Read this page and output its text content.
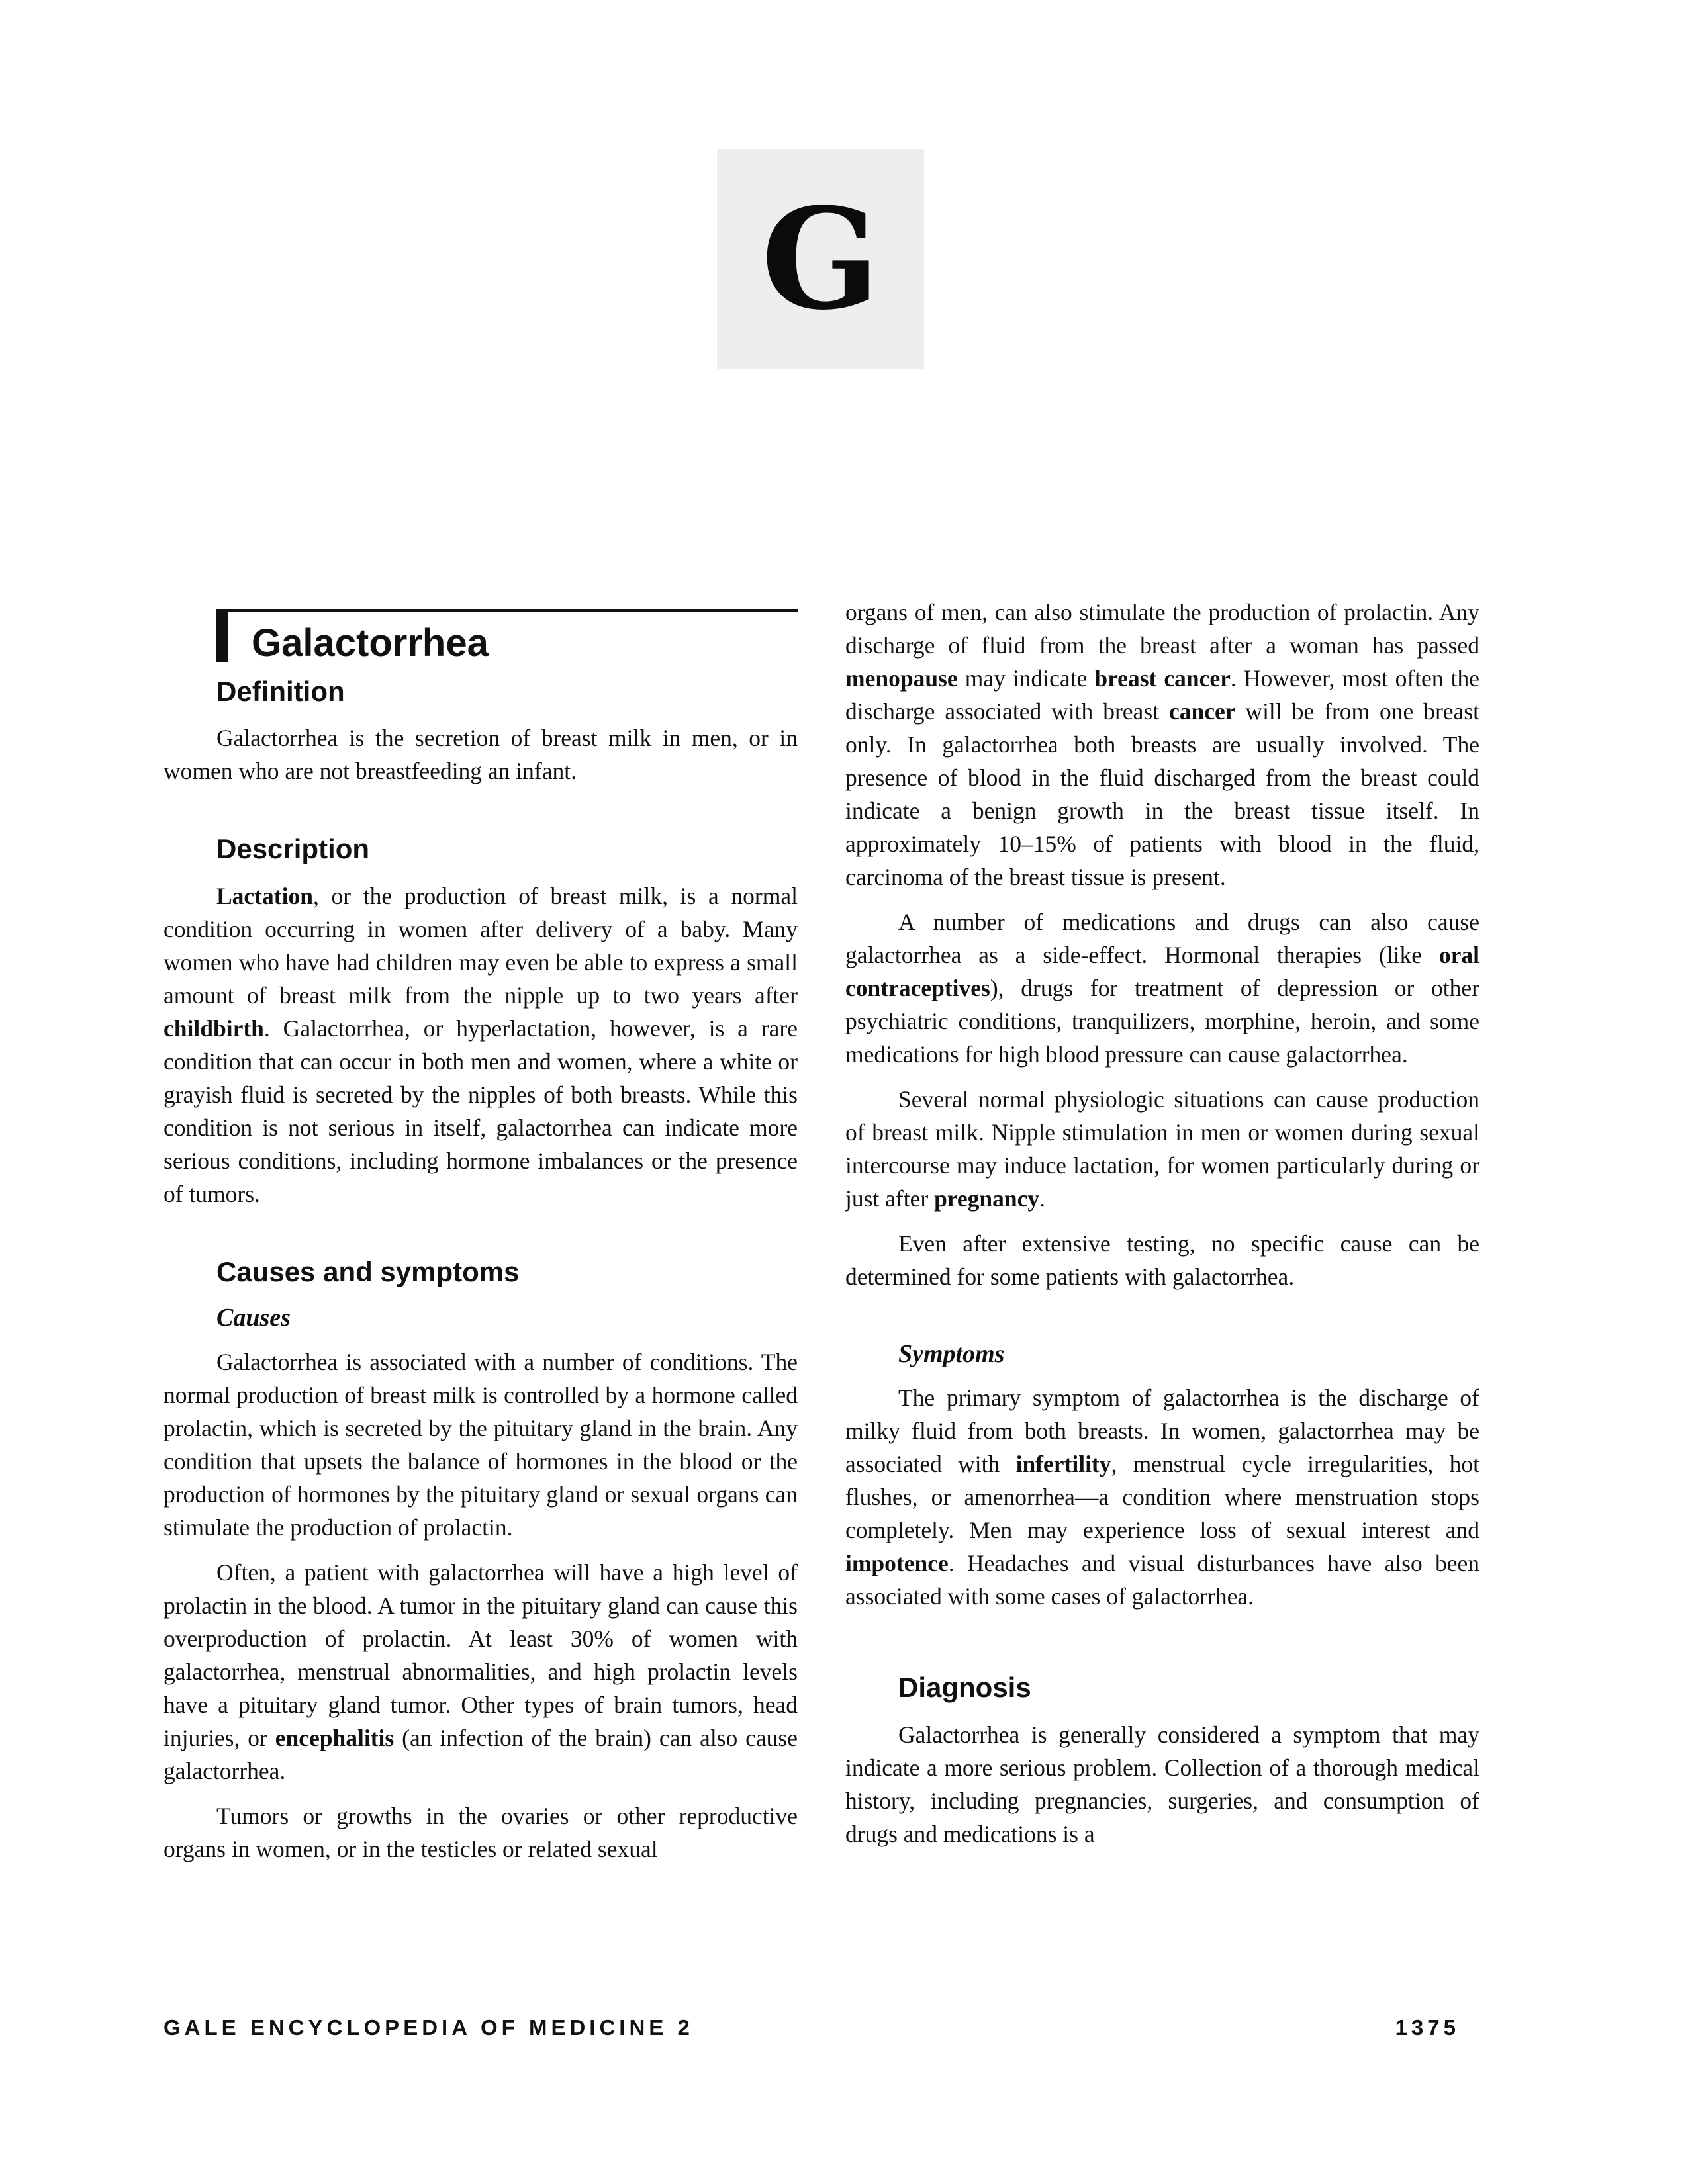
G
Galactorrhea
Definition

Galactorrhea is the secretion of breast milk in men, or in women who are not breastfeeding an infant.

Description

Lactation, or the production of breast milk, is a normal condition occurring in women after delivery of a baby. Many women who have had children may even be able to express a small amount of breast milk from the nipple up to two years after childbirth. Galactorrhea, or hyperlactation, however, is a rare condition that can occur in both men and women, where a white or grayish fluid is secreted by the nipples of both breasts. While this condition is not serious in itself, galactorrhea can indicate more serious conditions, including hormone imbalances or the presence of tumors.

Causes and symptoms
Causes

Galactorrhea is associated with a number of conditions. The normal production of breast milk is controlled by a hormone called prolactin, which is secreted by the pituitary gland in the brain. Any condition that upsets the balance of hormones in the blood or the production of hormones by the pituitary gland or sexual organs can stimulate the production of prolactin.

Often, a patient with galactorrhea will have a high level of prolactin in the blood. A tumor in the pituitary gland can cause this overproduction of prolactin. At least 30% of women with galactorrhea, menstrual abnormalities, and high prolactin levels have a pituitary gland tumor. Other types of brain tumors, head injuries, or encephalitis (an infection of the brain) can also cause galactorrhea.

Tumors or growths in the ovaries or other reproductive organs in women, or in the testicles or related sexual

organs of men, can also stimulate the production of prolactin. Any discharge of fluid from the breast after a woman has passed menopause may indicate breast cancer. However, most often the discharge associated with breast cancer will be from one breast only. In galactorrhea both breasts are usually involved. The presence of blood in the fluid discharged from the breast could indicate a benign growth in the breast tissue itself. In approximately 10–15% of patients with blood in the fluid, carcinoma of the breast tissue is present.

A number of medications and drugs can also cause galactorrhea as a side-effect. Hormonal therapies (like oral contraceptives), drugs for treatment of depression or other psychiatric conditions, tranquilizers, morphine, heroin, and some medications for high blood pressure can cause galactorrhea.

Several normal physiologic situations can cause production of breast milk. Nipple stimulation in men or women during sexual intercourse may induce lactation, for women particularly during or just after pregnancy.

Even after extensive testing, no specific cause can be determined for some patients with galactorrhea.

Symptoms

The primary symptom of galactorrhea is the discharge of milky fluid from both breasts. In women, galactorrhea may be associated with infertility, menstrual cycle irregularities, hot flushes, or amenorrhea—a condition where menstruation stops completely. Men may experience loss of sexual interest and impotence. Headaches and visual disturbances have also been associated with some cases of galactorrhea.

Diagnosis

Galactorrhea is generally considered a symptom that may indicate a more serious problem. Collection of a thorough medical history, including pregnancies, surgeries, and consumption of drugs and medications is a

GALE ENCYCLOPEDIA OF MEDICINE 2	1375
